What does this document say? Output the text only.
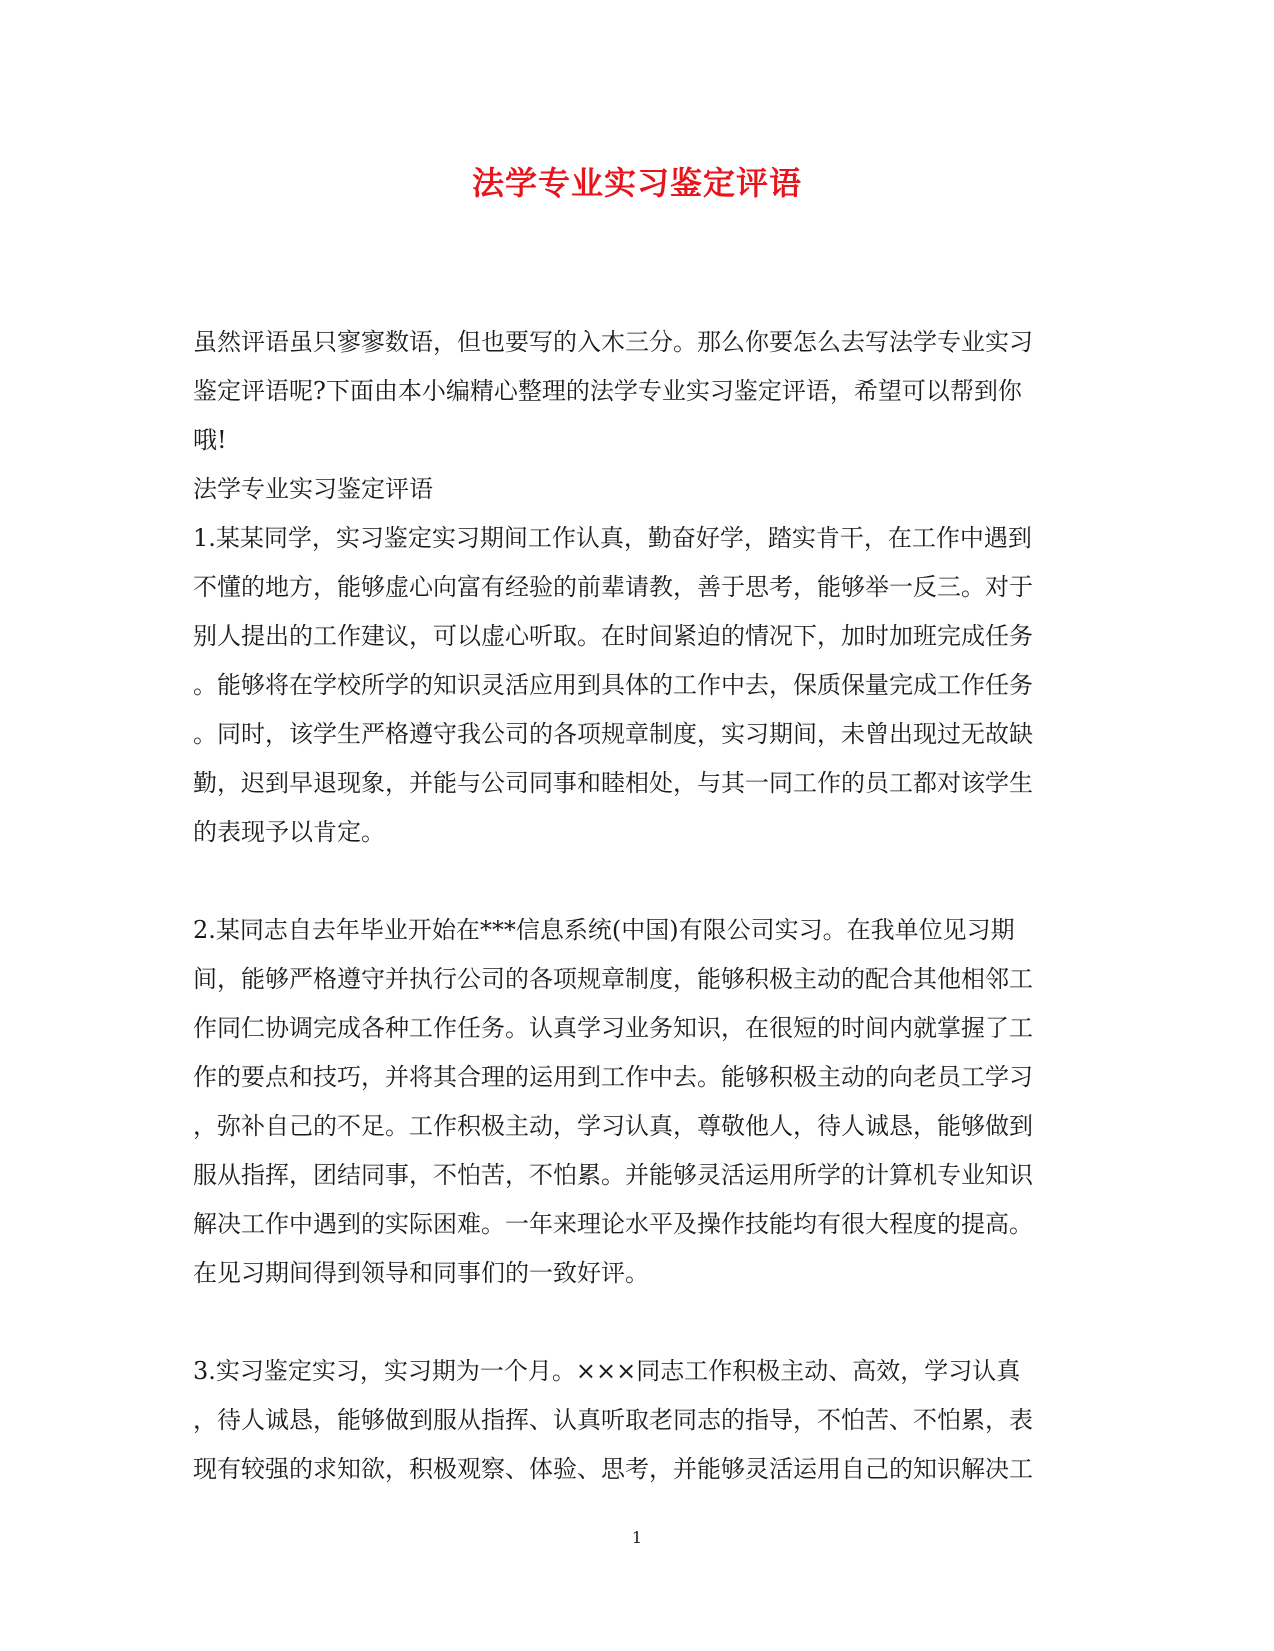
法学专业实习鉴定评语
虽然评语虽只寥寥数语，但也要写的入木三分。那么你要怎么去写法学专业实习
鉴定评语呢?下面由本小编精心整理的法学专业实习鉴定评语，希望可以帮到你
哦!
法学专业实习鉴定评语
1.某某同学，实习鉴定实习期间工作认真，勤奋好学，踏实肯干，在工作中遇到
不懂的地方，能够虚心向富有经验的前辈请教，善于思考，能够举一反三。对于
别人提出的工作建议，可以虚心听取。在时间紧迫的情况下，加时加班完成任务
。能够将在学校所学的知识灵活应用到具体的工作中去，保质保量完成工作任务
。同时，该学生严格遵守我公司的各项规章制度，实习期间，未曾出现过无故缺
勤，迟到早退现象，并能与公司同事和睦相处，与其一同工作的员工都对该学生
的表现予以肯定。
2.某同志自去年毕业开始在***信息系统(中国)有限公司实习。在我单位见习期
间，能够严格遵守并执行公司的各项规章制度，能够积极主动的配合其他相邻工
作同仁协调完成各种工作任务。认真学习业务知识，在很短的时间内就掌握了工
作的要点和技巧，并将其合理的运用到工作中去。能够积极主动的向老员工学习
，弥补自己的不足。工作积极主动，学习认真，尊敬他人，待人诚恳，能够做到
服从指挥，团结同事，不怕苦，不怕累。并能够灵活运用所学的计算机专业知识
解决工作中遇到的实际困难。一年来理论水平及操作技能均有很大程度的提高。
在见习期间得到领导和同事们的一致好评。
3.实习鉴定实习，实习期为一个月。×××同志工作积极主动、高效，学习认真
，待人诚恳，能够做到服从指挥、认真听取老同志的指导，不怕苦、不怕累，表
现有较强的求知欲，积极观察、体验、思考，并能够灵活运用自己的知识解决工
1
